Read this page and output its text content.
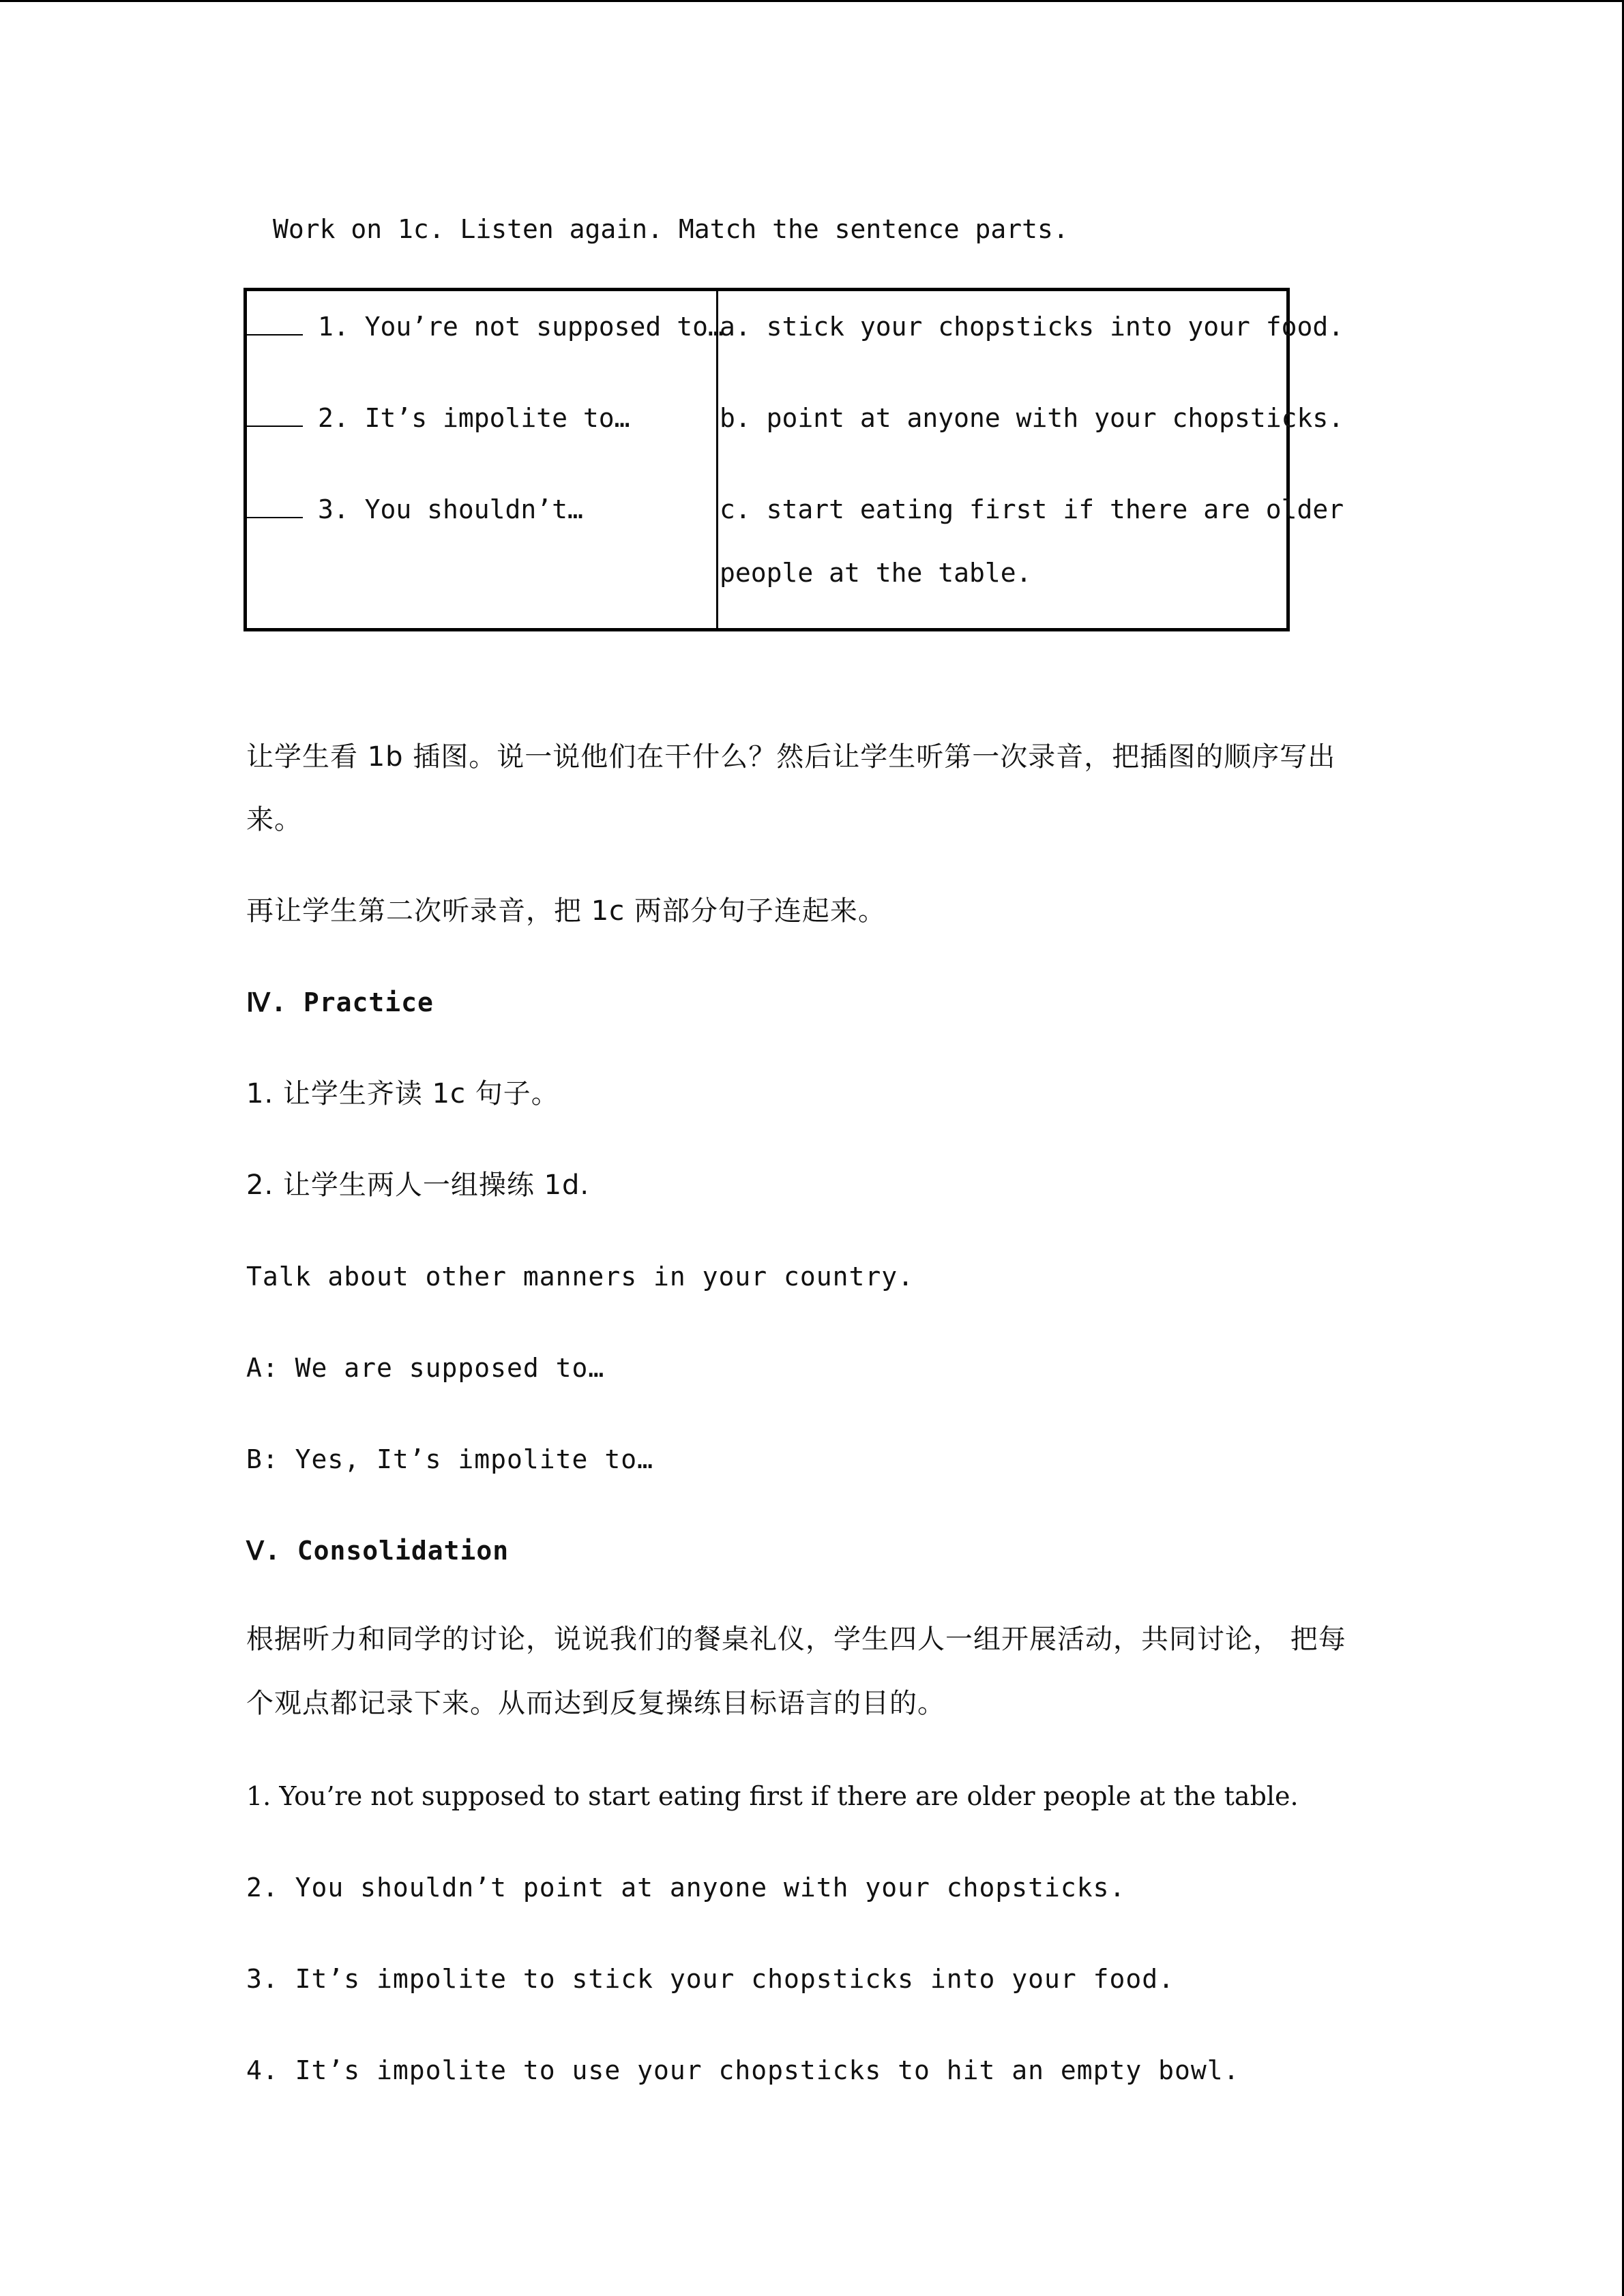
Work on 1c. Listen again. Match the sentence parts.
1. You’re not supposed to…
2. It’s impolite to…
3. You shouldn’t…
a. stick your chopsticks into your food.
b. point at anyone with your chopsticks.
c. start eating first if there are older
people at the table.
让学生看 1b 插图。说一说他们在干什么？然后让学生听第一次录音，把插图的顺序写出
来。
再让学生第二次听录音，把 1c 两部分句子连起来。
Ⅳ. Practice
1. 让学生齐读 1c 句子。
2. 让学生两人一组操练 1d.
Talk about other manners in your country.
A: We are supposed to…
B: Yes, It’s impolite to…
Ⅴ. Consolidation
根据听力和同学的讨论，说说我们的餐桌礼仪，学生四人一组开展活动，共同讨论， 把每
个观点都记录下来。从而达到反复操练目标语言的目的。
1. You’re not supposed to start eating first if there are older people at the table.
2. You shouldn’t point at anyone with your chopsticks.
3. It’s impolite to stick your chopsticks into your food.
4. It’s impolite to use your chopsticks to hit an empty bowl.
